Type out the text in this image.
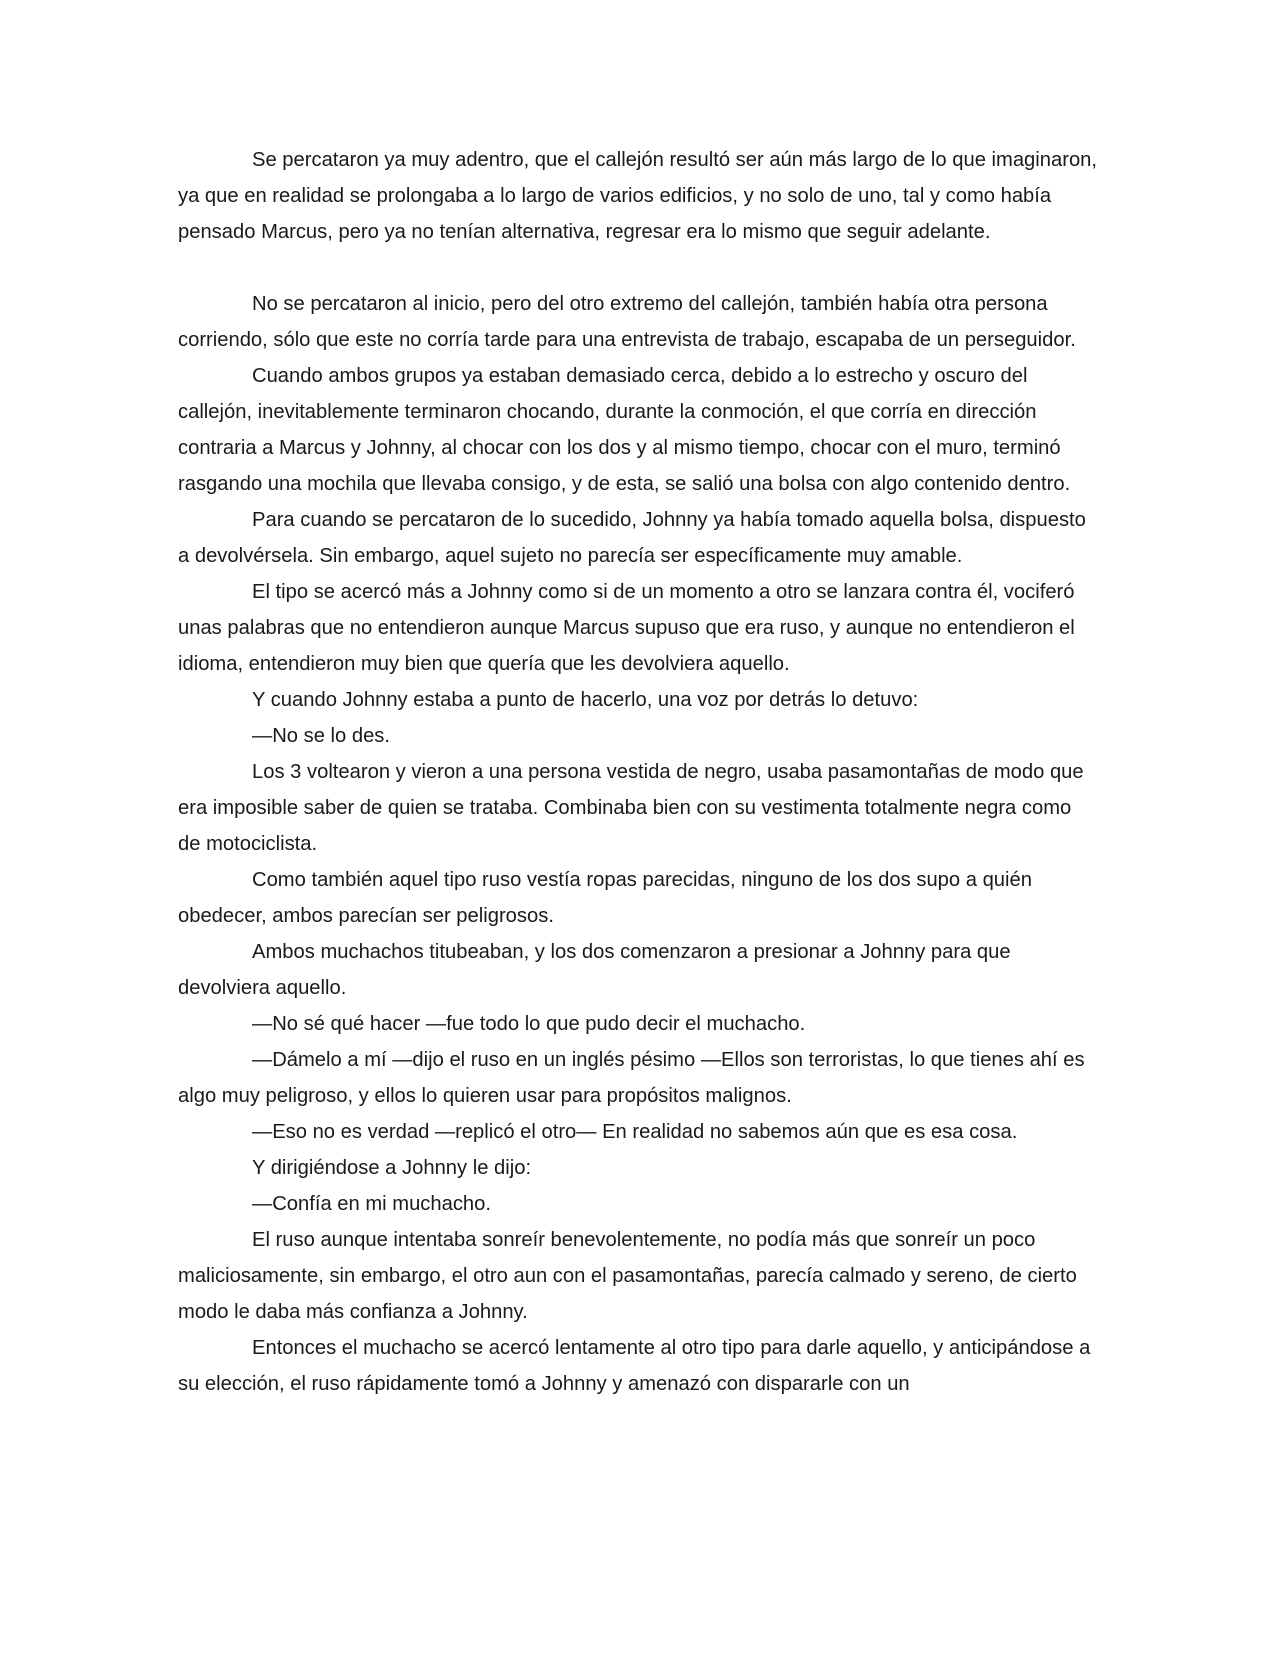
Se percataron ya muy adentro, que el callejón resultó ser aún más largo de lo que imaginaron, ya que en realidad se prolongaba a lo largo de varios edificios, y no solo de uno, tal y como había pensado Marcus, pero ya no tenían alternativa, regresar era lo mismo que seguir adelante.

No se percataron al inicio, pero del otro extremo del callejón, también había otra persona corriendo, sólo que este no corría tarde para una entrevista de trabajo, escapaba de un perseguidor.

Cuando ambos grupos ya estaban demasiado cerca, debido a lo estrecho y oscuro del callejón, inevitablemente terminaron chocando, durante la conmoción, el que corría en dirección contraria a Marcus y Johnny, al chocar con los dos y al mismo tiempo, chocar con el muro, terminó rasgando una mochila que llevaba consigo, y de esta, se salió una bolsa con algo contenido dentro.

Para cuando se percataron de lo sucedido, Johnny ya había tomado aquella bolsa, dispuesto a devolvérsela. Sin embargo, aquel sujeto no parecía ser específicamente muy amable.

El tipo se acercó más a Johnny como si de un momento a otro se lanzara contra él, vociferó unas palabras que no entendieron aunque Marcus supuso que era ruso, y aunque no entendieron el idioma, entendieron muy bien que quería que les devolviera aquello.

Y cuando Johnny estaba a punto de hacerlo, una voz por detrás lo detuvo:

—No se lo des.

Los 3 voltearon y vieron a una persona vestida de negro, usaba pasamontañas de modo que era imposible saber de quien se trataba. Combinaba bien con su vestimenta totalmente negra como de motociclista.

Como también aquel tipo ruso vestía ropas parecidas, ninguno de los dos supo a quién obedecer, ambos parecían ser peligrosos.

Ambos muchachos titubeaban, y los dos comenzaron a presionar a Johnny para que devolviera aquello.

—No sé qué hacer —fue todo lo que pudo decir el muchacho.

—Dámelo a mí —dijo el ruso en un inglés pésimo —Ellos son terroristas, lo que tienes ahí es algo muy peligroso, y ellos lo quieren usar para propósitos malignos.

—Eso no es verdad —replicó el otro— En realidad no sabemos aún que es esa cosa.

Y dirigiéndose a Johnny le dijo:

—Confía en mi muchacho.

El ruso aunque intentaba sonreír benevolentemente, no podía más que sonreír un poco maliciosamente, sin embargo, el otro aun con el pasamontañas, parecía calmado y sereno, de cierto modo le daba más confianza a Johnny.

Entonces el muchacho se acercó lentamente al otro tipo para darle aquello, y anticipándose a su elección, el ruso rápidamente tomó a Johnny y amenazó con dispararle con un
